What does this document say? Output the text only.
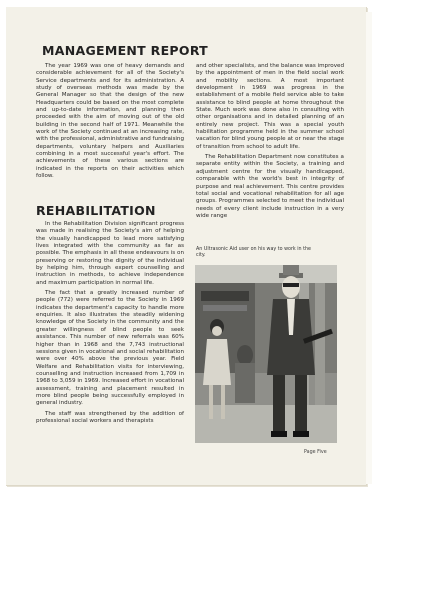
MANAGEMENT REPORT

The year 1969 was one of heavy demands and considerable achievement for all of the Society's Service departments and for its administration. A study of overseas methods was made by the General Manager so that the design of the new Headquarters could be based on the most complete and up-to-date information, and planning then proceeded with the aim of moving out of the old building in the second half of 1971. Meanwhile the work of the Society continued at an increasing rate, with the professional, administrative and fundraising departments, voluntary helpers and Auxiliaries combining in a most successful year's effort. The achievements of these various sections are indicated in the reports on their activities which follow.

REHABILITATION

In the Rehabilitation Division significant progress was made in realising the Society's aim of helping the visually handicapped to lead more satisfying lives integrated with the community as far as possible. The emphasis in all these endeavours is on preserving or restoring the dignity of the individual by helping him, through expert counselling and instruction in methods, to achieve independence and maximum participation in normal life.

The fact that a greatly increased number of people (772) were referred to the Society in 1969 indicates the department's capacity to handle more enquiries. It also illustrates the steadily widening knowledge of the Society in the community and the greater willingness of blind people to seek assistance. This number of new referrals was 60% higher than in 1968 and the 7,743 instructional sessions given in vocational and social rehabilitation were over 40% above the previous year. Field Welfare and Rehabilitation visits for interviewing, counselling and instruction increased from 1,709 in 1968 to 3,059 in 1969. Increased effort in vocational assessment, training and placement resulted in more blind people being successfully employed in general industry.

The staff was strengthened by the addition of professional social workers and therapists

and other specialists, and the balance was improved by the appointment of men in the field social work and mobility sections. A most important development in 1969 was progress in the establishment of a mobile field service able to take assistance to blind people at home throughout the State. Much work was done also in consulting with other organisations and in detailed planning of an entirely new project. This was a special youth habilitation programme held in the summer school vacation for blind young people at or near the stage of transition from school to adult life.

The Rehabilitation Department now constitutes a separate entity within the Society, a training and adjustment centre for the visually handicapped, comparable with the world's best in integrity of purpose and real achievement. This centre provides total social and vocational rehabilitation for all age groups. Programmes selected to meet the individual needs of every client include instruction in a very wide range

An Ultrasonic Aid user on his way to work in the city.
Page Five
